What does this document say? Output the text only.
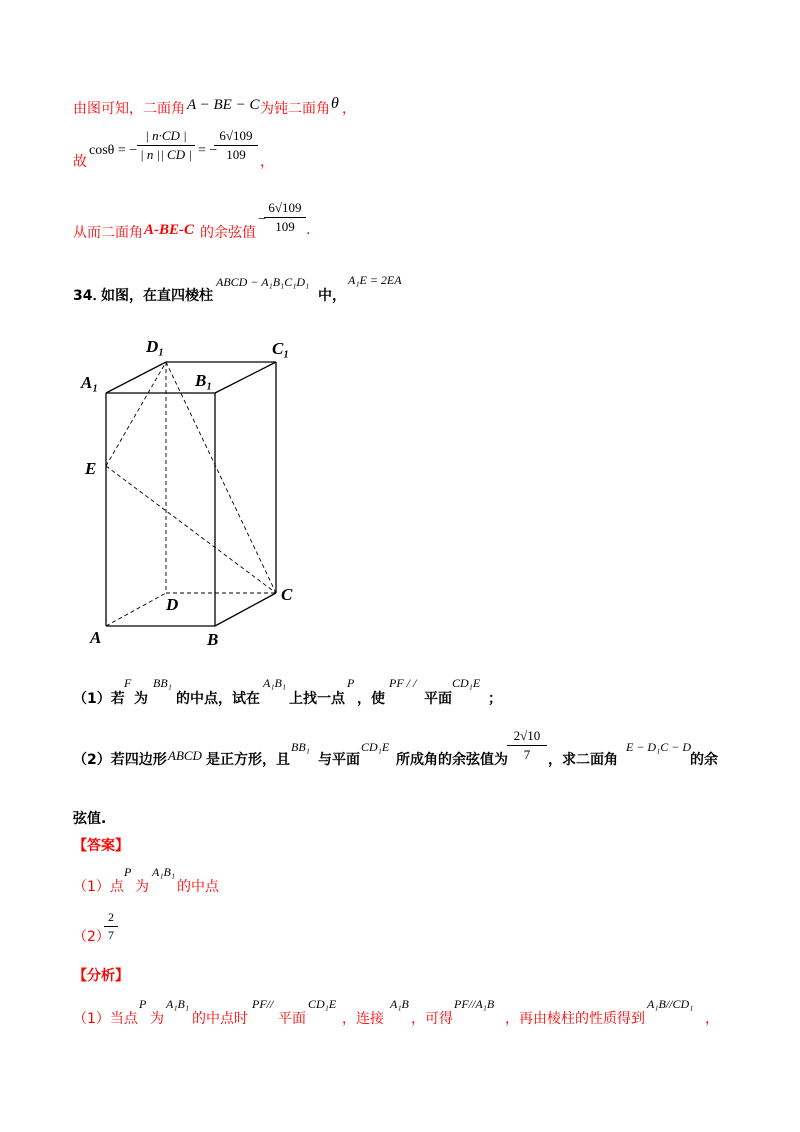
由图可知，二面角 A − BE − C 为钝二面角 θ ，
故
cosθ = − $\frac{| n\cdot CD |}{| n || CD |}$ = −
$\frac{6√109}{109}$ ，
从而二面角 A-BE-C 的余弦值
−
$\frac{6√109}{109}$ .
34．
如图，在直四棱柱
ABCD − A₁B₁C₁D₁
中，
A₁E = 2EA
D₁	C₁
A₁	B₁
E
D
C
A	B
（1）若
F
为
BB₁
的中点，试在
A₁B₁
上找一点
P
，使
PF / /
平面
CD₁E
；
（2）若四边形 ABCD 是正方形，且
BB₁
与平面
CD₁E
所成角的余弦值为 $\frac{2√10}{7}$ ，求二面角
E − D₁C − D
的余
弦值.
【答案】
（1）点
P
为
A₁B₁
的中点
（2）
$\frac{2}{7}$
【分析】
（1）当点
P
为
A₁B₁
的中点时
PF//
平面
CD₁E
，连接
A₁B
，可得
PF//A₁B
，再由棱柱的性质得到
A₁B//CD₁
，
